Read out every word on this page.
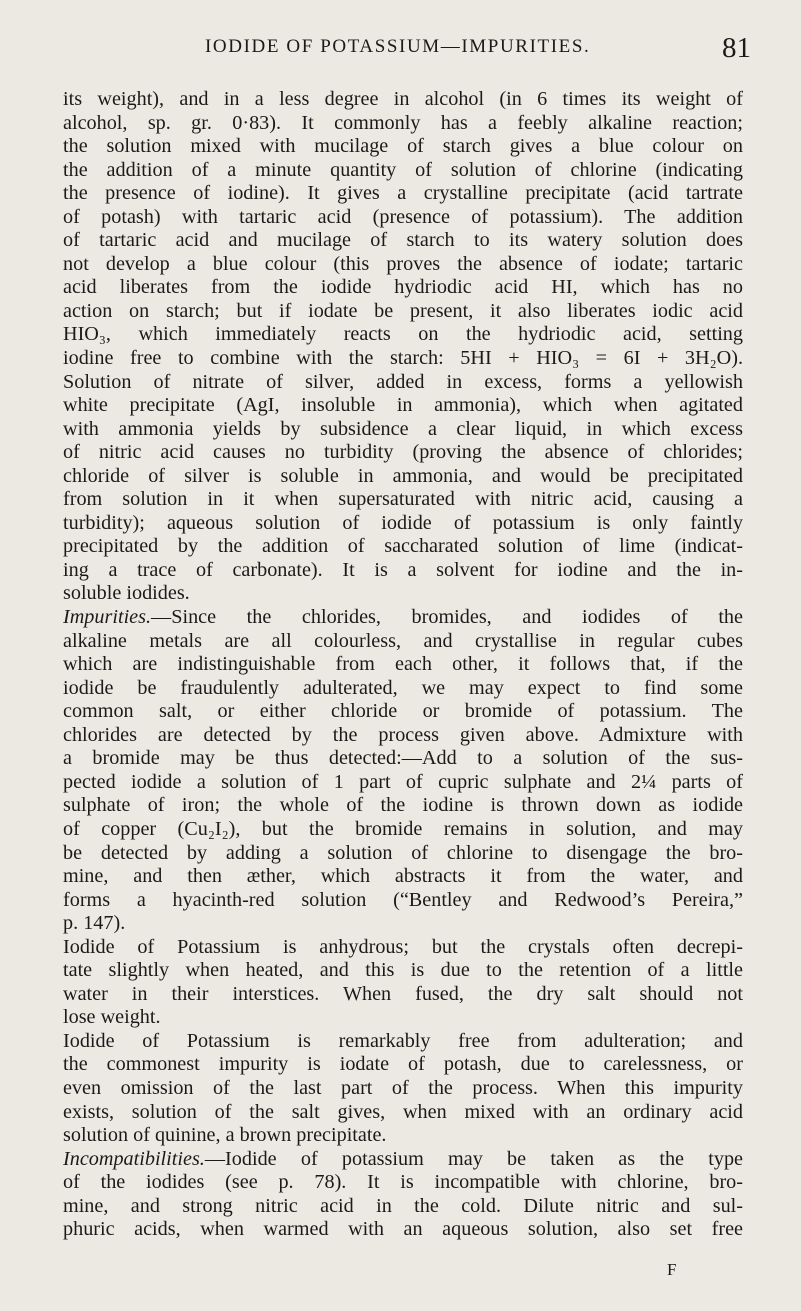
IODIDE OF POTASSIUM—IMPURITIES.	81
its weight), and in a less degree in alcohol (in 6 times its weight of
alcohol, sp. gr. 0·83). It commonly has a feebly alkaline reaction;
the solution mixed with mucilage of starch gives a blue colour on
the addition of a minute quantity of solution of chlorine (indicating
the presence of iodine). It gives a crystalline precipitate (acid tartrate
of potash) with tartaric acid (presence of potassium). The addition
of tartaric acid and mucilage of starch to its watery solution does
not develop a blue colour (this proves the absence of iodate; tartaric
acid liberates from the iodide hydriodic acid HI, which has no
action on starch; but if iodate be present, it also liberates iodic acid
HIO₃, which immediately reacts on the hydriodic acid, setting
iodine free to combine with the starch: 5HI + HIO₃ = 6I + 3H₂O).
Solution of nitrate of silver, added in excess, forms a yellowish
white precipitate (AgI, insoluble in ammonia), which when agitated
with ammonia yields by subsidence a clear liquid, in which excess
of nitric acid causes no turbidity (proving the absence of chlorides;
chloride of silver is soluble in ammonia, and would be precipitated
from solution in it when supersaturated with nitric acid, causing a
turbidity); aqueous solution of iodide of potassium is only faintly
precipitated by the addition of saccharated solution of lime (indicat-
ing a trace of carbonate). It is a solvent for iodine and the in-
soluble iodides.
Impurities.—Since the chlorides, bromides, and iodides of the
alkaline metals are all colourless, and crystallise in regular cubes
which are indistinguishable from each other, it follows that, if the
iodide be fraudulently adulterated, we may expect to find some
common salt, or either chloride or bromide of potassium. The
chlorides are detected by the process given above. Admixture with
a bromide may be thus detected:—Add to a solution of the sus-
pected iodide a solution of 1 part of cupric sulphate and 2¼ parts of
sulphate of iron; the whole of the iodine is thrown down as iodide
of copper (Cu₂I₂), but the bromide remains in solution, and may
be detected by adding a solution of chlorine to disengage the bro-
mine, and then æther, which abstracts it from the water, and
forms a hyacinth-red solution (“Bentley and Redwood’s Pereira,”
p. 147).
Iodide of Potassium is anhydrous; but the crystals often decrepi-
tate slightly when heated, and this is due to the retention of a little
water in their interstices. When fused, the dry salt should not
lose weight.
Iodide of Potassium is remarkably free from adulteration; and
the commonest impurity is iodate of potash, due to carelessness, or
even omission of the last part of the process. When this impurity
exists, solution of the salt gives, when mixed with an ordinary acid
solution of quinine, a brown precipitate.
Incompatibilities.—Iodide of potassium may be taken as the type
of the iodides (see p. 78). It is incompatible with chlorine, bro-
mine, and strong nitric acid in the cold. Dilute nitric and sul-
phuric acids, when warmed with an aqueous solution, also set free
F
